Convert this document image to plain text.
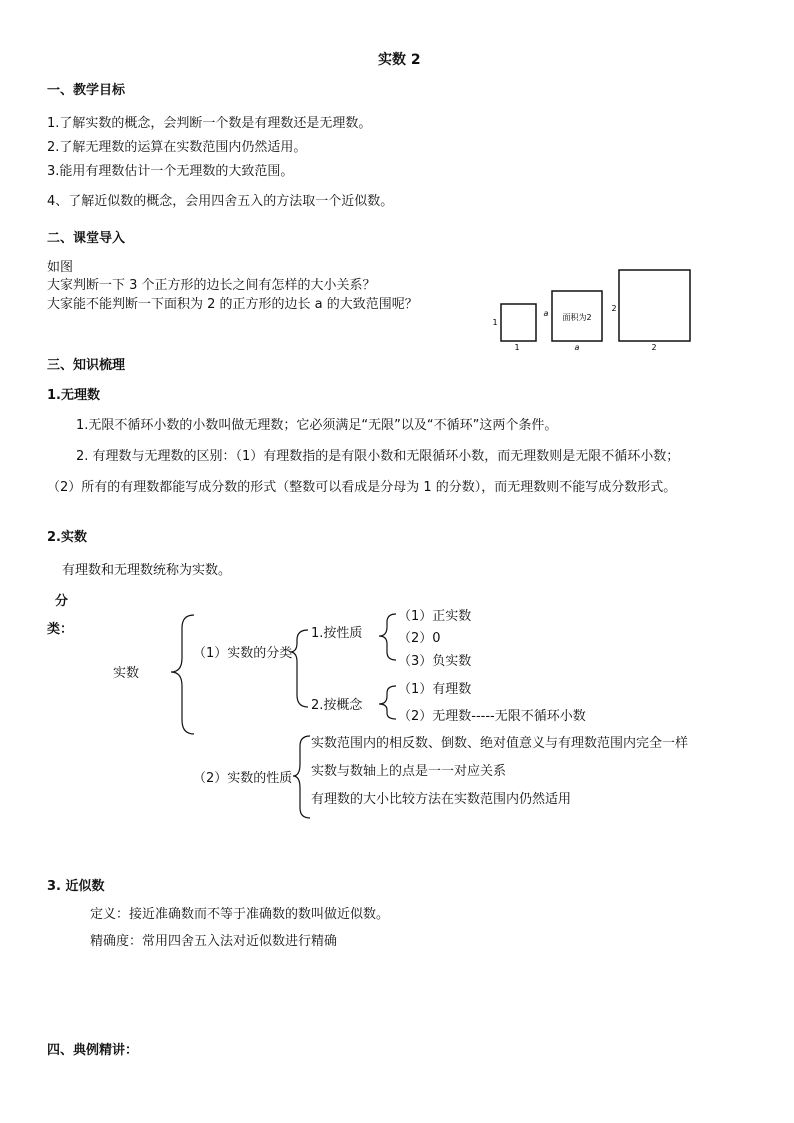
实数 2
一、教学目标
1.了解实数的概念，会判断一个数是有理数还是无理数。
2.了解无理数的运算在实数范围内仍然适用。
3.能用有理数估计一个无理数的大致范围。
4、了解近似数的概念，会用四舍五入的方法取一个近似数。
二、课堂导入
如图
大家判断一下 3 个正方形的边长之间有怎样的大小关系？
大家能不能判断一下面积为 2 的正方形的边长 a 的大致范围呢？
1
1
a
a
面积为2
2
2
三、知识梳理
1.无理数
1.无限不循环小数的小数叫做无理数；它必须满足“无限”以及“不循环”这两个条件。
2. 有理数与无理数的区别：（1）有理数指的是有限小数和无限循环小数，而无理数则是无限不循环小数；
（2）所有的有理数都能写成分数的形式（整数可以看成是分母为 1 的分数），而无理数则不能写成分数形式。
2.实数
有理数和无理数统称为实数。
分
类：
实数
（1）实数的分类
1.按性质
（1）正实数
（2）0
（3）负实数
2.按概念
（1）有理数
（2）无理数-----无限不循环小数
（2）实数的性质
实数范围内的相反数、倒数、绝对值意义与有理数范围内完全一样
实数与数轴上的点是一一对应关系
有理数的大小比较方法在实数范围内仍然适用
3. 近似数
定义：接近准确数而不等于准确数的数叫做近似数。
精确度：常用四舍五入法对近似数进行精确
四、典例精讲：
